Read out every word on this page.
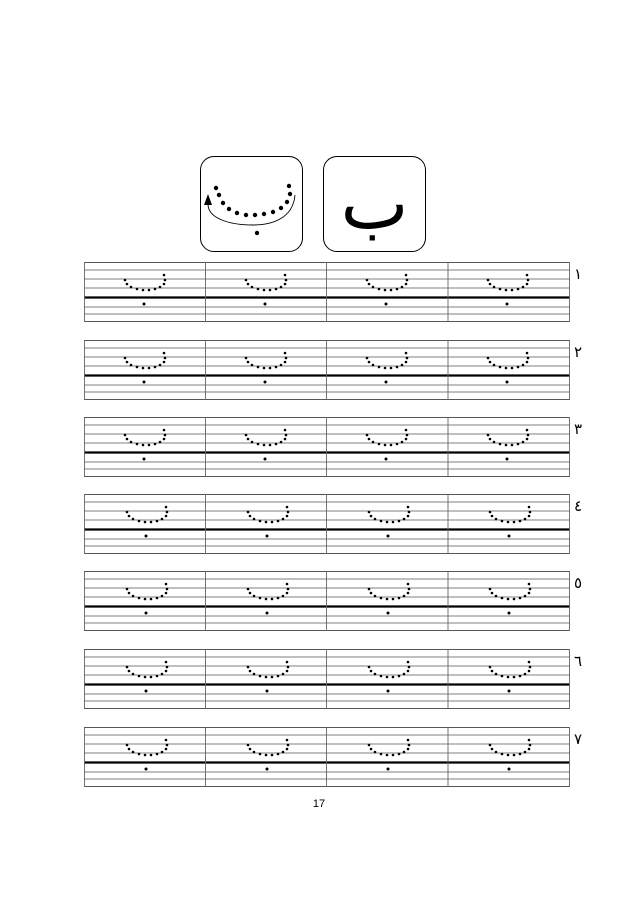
ب
١
٢
٣
٤
٥
٦
٧
17
